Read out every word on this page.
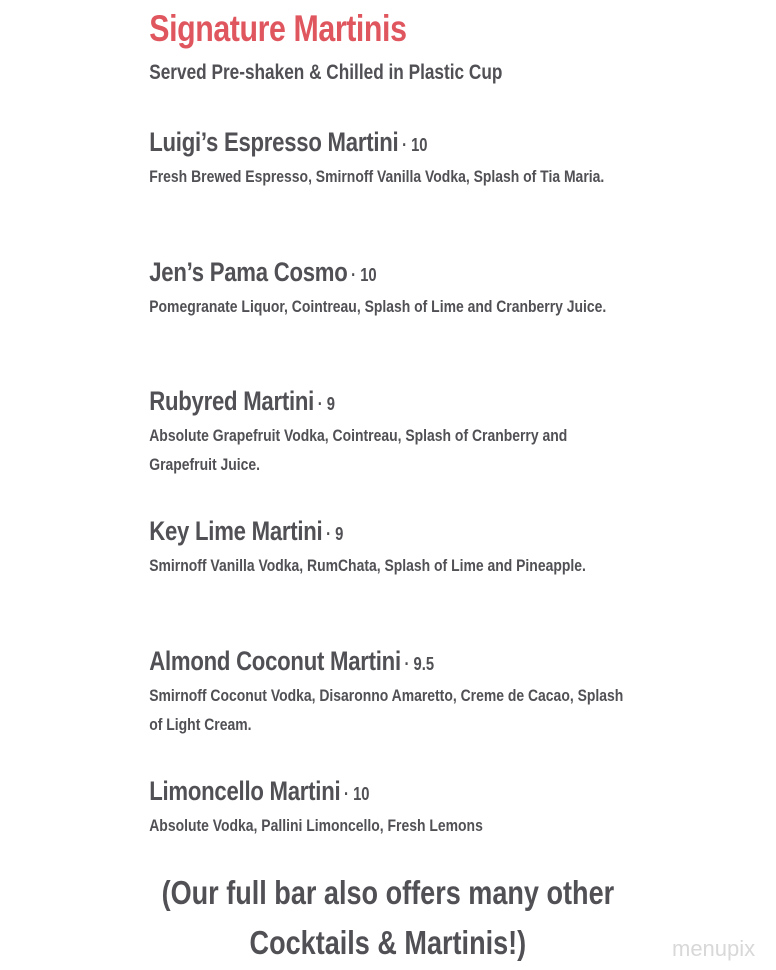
Signature Martinis
Served Pre-shaken & Chilled in Plastic Cup
Luigi’s Espresso Martini · 10
Fresh Brewed Espresso, Smirnoff Vanilla Vodka, Splash of Tia Maria.
Jen’s Pama Cosmo · 10
Pomegranate Liquor, Cointreau, Splash of Lime and Cranberry Juice.
Rubyred Martini · 9
Absolute Grapefruit Vodka, Cointreau, Splash of Cranberry and Grapefruit Juice.
Key Lime Martini · 9
Smirnoff Vanilla Vodka, RumChata, Splash of Lime and Pineapple.
Almond Coconut Martini · 9.5
Smirnoff Coconut Vodka, Disaronno Amaretto, Creme de Cacao, Splash of Light Cream.
Limoncello Martini · 10
Absolute Vodka, Pallini Limoncello, Fresh Lemons
(Our full bar also offers many other
Cocktails & Martinis!)	menupix
